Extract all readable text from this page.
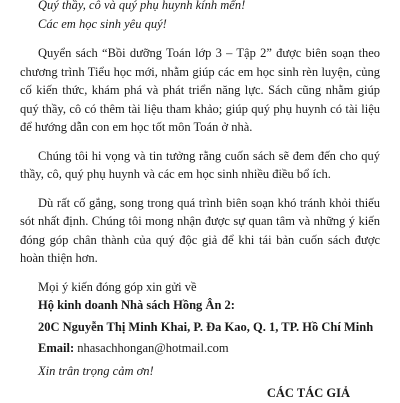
Quý thầy, cô và quý phụ huynh kính mến!

Các em học sinh yêu quý!

Quyển sách “Bồi dưỡng Toán lớp 3 – Tập 2” được biên soạn theo chương trình Tiểu học mới, nhằm giúp các em học sinh rèn luyện, củng cố kiến thức, khám phá và phát triển năng lực. Sách cũng nhằm giúp quý thầy, cô có thêm tài liệu tham khảo; giúp quý phụ huynh có tài liệu để hướng dẫn con em học tốt môn Toán ở nhà.

Chúng tôi hi vọng và tin tưởng rằng cuốn sách sẽ đem đến cho quý thầy, cô, quý phụ huynh và các em học sinh nhiều điều bổ ích.

Dù rất cố gắng, song trong quá trình biên soạn khó tránh khỏi thiếu sót nhất định. Chúng tôi mong nhận được sự quan tâm và những ý kiến đóng góp chân thành của quý độc giả để khi tái bản cuốn sách được hoàn thiện hơn.

Mọi ý kiến đóng góp xin gửi về

Hộ kinh doanh Nhà sách Hồng Ân 2:

20C Nguyễn Thị Minh Khai, P. Đa Kao, Q. 1, TP. Hồ Chí Minh

Email: nhasachhongan@hotmail.com

Xin trân trọng cảm ơn!

CÁC TÁC GIẢ
